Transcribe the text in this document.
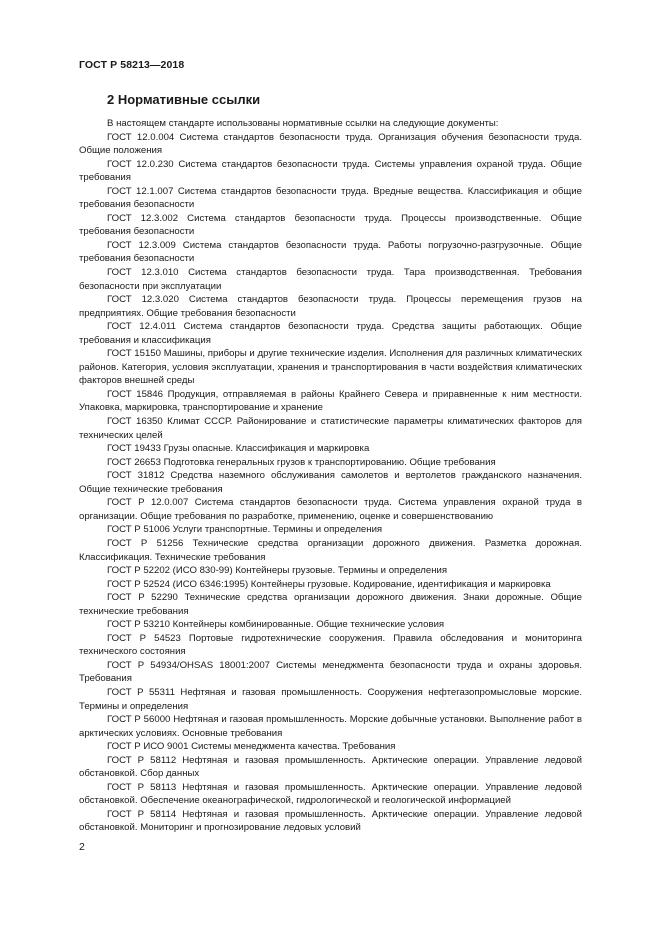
ГОСТ Р 58213—2018
2 Нормативные ссылки

В настоящем стандарте использованы нормативные ссылки на следующие документы:

ГОСТ 12.0.004 Система стандартов безопасности труда. Организация обучения безопасности труда. Общие положения

ГОСТ 12.0.230 Система стандартов безопасности труда. Системы управления охраной труда. Общие требования

ГОСТ 12.1.007 Система стандартов безопасности труда. Вредные вещества. Классификация и общие требования безопасности

ГОСТ 12.3.002 Система стандартов безопасности труда. Процессы производственные. Общие требования безопасности

ГОСТ 12.3.009 Система стандартов безопасности труда. Работы погрузочно-разгрузочные. Общие требования безопасности

ГОСТ 12.3.010 Система стандартов безопасности труда. Тара производственная. Требования безопасности при эксплуатации

ГОСТ 12.3.020 Система стандартов безопасности труда. Процессы перемещения грузов на предприятиях. Общие требования безопасности

ГОСТ 12.4.011 Система стандартов безопасности труда. Средства защиты работающих. Общие требования и классификация

ГОСТ 15150 Машины, приборы и другие технические изделия. Исполнения для различных климатических районов. Категория, условия эксплуатации, хранения и транспортирования в части воздействия климатических факторов внешней среды

ГОСТ 15846 Продукция, отправляемая в районы Крайнего Севера и приравненные к ним местности. Упаковка, маркировка, транспортирование и хранение

ГОСТ 16350 Климат СССР. Районирование и статистические параметры климатических факторов для технических целей

ГОСТ 19433 Грузы опасные. Классификация и маркировка

ГОСТ 26653 Подготовка генеральных грузов к транспортированию. Общие требования

ГОСТ 31812 Средства наземного обслуживания самолетов и вертолетов гражданского назначения. Общие технические требования

ГОСТ Р 12.0.007 Система стандартов безопасности труда. Система управления охраной труда в организации. Общие требования по разработке, применению, оценке и совершенствованию

ГОСТ Р 51006 Услуги транспортные. Термины и определения

ГОСТ Р 51256 Технические средства организации дорожного движения. Разметка дорожная. Классификация. Технические требования

ГОСТ Р 52202 (ИСО 830-99) Контейнеры грузовые. Термины и определения

ГОСТ Р 52524 (ИСО 6346:1995) Контейнеры грузовые. Кодирование, идентификация и маркировка

ГОСТ Р 52290 Технические средства организации дорожного движения. Знаки дорожные. Общие технические требования

ГОСТ Р 53210 Контейнеры комбинированные. Общие технические условия

ГОСТ Р 54523 Портовые гидротехнические сооружения. Правила обследования и мониторинга технического состояния

ГОСТ Р 54934/OHSAS 18001:2007 Системы менеджмента безопасности труда и охраны здоровья. Требования

ГОСТ Р 55311 Нефтяная и газовая промышленность. Сооружения нефтегазопромысловые морские. Термины и определения

ГОСТ Р 56000 Нефтяная и газовая промышленность. Морские добычные установки. Выполнение работ в арктических условиях. Основные требования

ГОСТ Р ИСО 9001 Системы менеджмента качества. Требования

ГОСТ Р 58112 Нефтяная и газовая промышленность. Арктические операции. Управление ледовой обстановкой. Сбор данных

ГОСТ Р 58113 Нефтяная и газовая промышленность. Арктические операции. Управление ледовой обстановкой. Обеспечение океанографической, гидрологической и геологической информацией

ГОСТ Р 58114 Нефтяная и газовая промышленность. Арктические операции. Управление ледовой обстановкой. Мониторинг и прогнозирование ледовых условий

2
